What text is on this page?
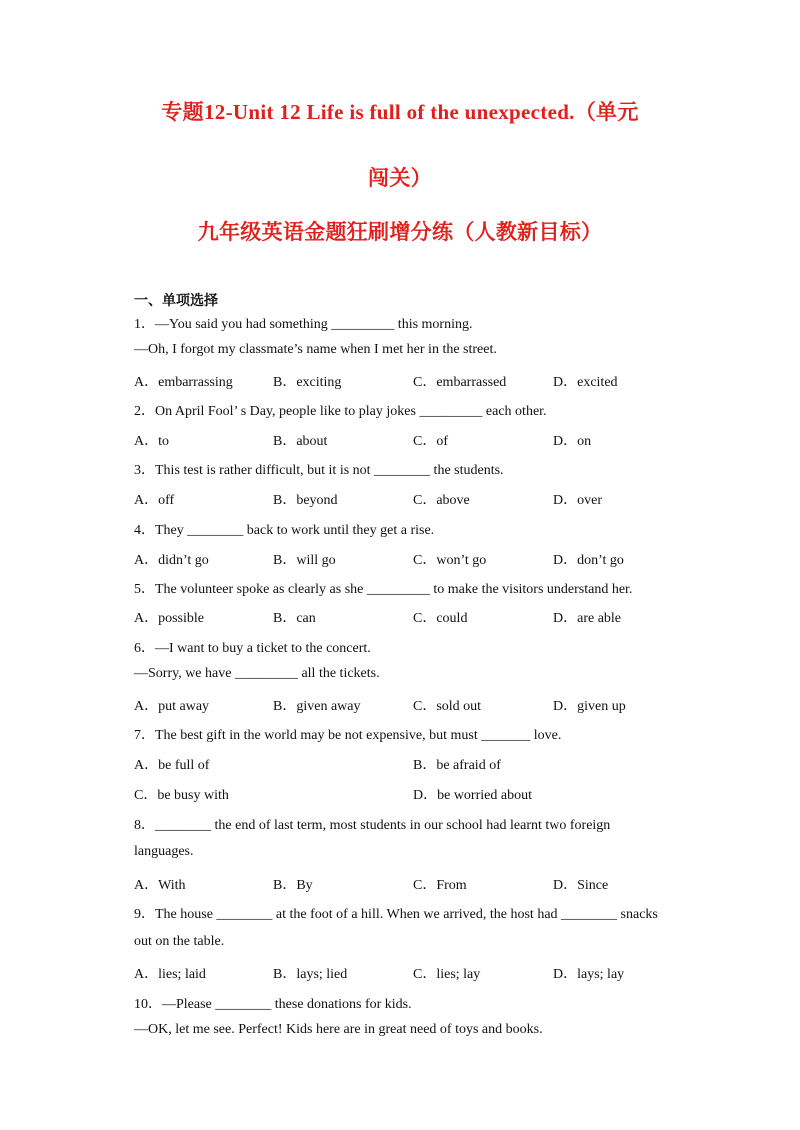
专题12-Unit 12 Life is full of the unexpected.（单元
闯关）
九年级英语金题狂刷增分练（人教新目标）
一、单项选择
1．—You said you had something _________ this morning.
—Oh, I forgot my classmate’s name when I met her in the street.
A．embarrassing	B．exciting	C．embarrassed	D．excited
2．On April Fool’ s Day, people like to play jokes _________ each other.
A．to	B．about	C．of	D．on
3．This test is rather difficult, but it is not ________ the students.
A．off	B．beyond	C．above	D．over
4．They ________ back to work until they get a rise.
A．didn’t go	B．will go	C．won’t go	D．don’t go
5．The volunteer spoke as clearly as she _________ to make the visitors understand her.
A．possible	B．can	C．could	D．are able
6．—I want to buy a ticket to the concert.
—Sorry, we have _________ all the tickets.
A．put away	B．given away	C．sold out	D．given up
7．The best gift in the world may be not expensive, but must _______ love.
A．be full of	B．be afraid of
C．be busy with	D．be worried about
8．________ the end of last term, most students in our school had learnt two foreign
languages.
A．With	B．By	C．From	D．Since
9．The house ________ at the foot of a hill. When we arrived, the host had ________ snacks
out on the table.
A．lies; laid	B．lays; lied	C．lies; lay	D．lays; lay
10．—Please ________ these donations for kids.
—OK, let me see. Perfect! Kids here are in great need of toys and books.
